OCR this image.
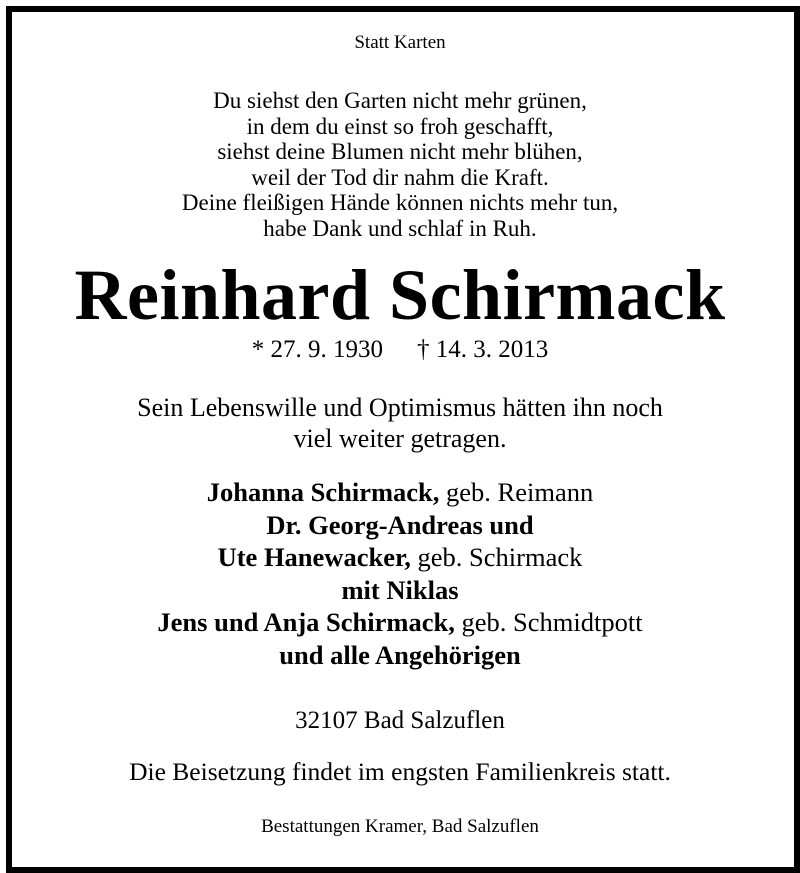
Statt Karten
Du siehst den Garten nicht mehr grünen,
in dem du einst so froh geschafft,
siehst deine Blumen nicht mehr blühen,
weil der Tod dir nahm die Kraft.
Deine fleißigen Hände können nichts mehr tun,
habe Dank und schlaf in Ruh.
Reinhard Schirmack
* 27. 9. 1930 † 14. 3. 2013
Sein Lebenswille und Optimismus hätten ihn noch
viel weiter getragen.
Johanna Schirmack, geb. Reimann
Dr. Georg-Andreas und
Ute Hanewacker, geb. Schirmack
mit Niklas
Jens und Anja Schirmack, geb. Schmidtpott
und alle Angehörigen
32107 Bad Salzuflen
Die Beisetzung findet im engsten Familienkreis statt.
Bestattungen Kramer, Bad Salzuflen
